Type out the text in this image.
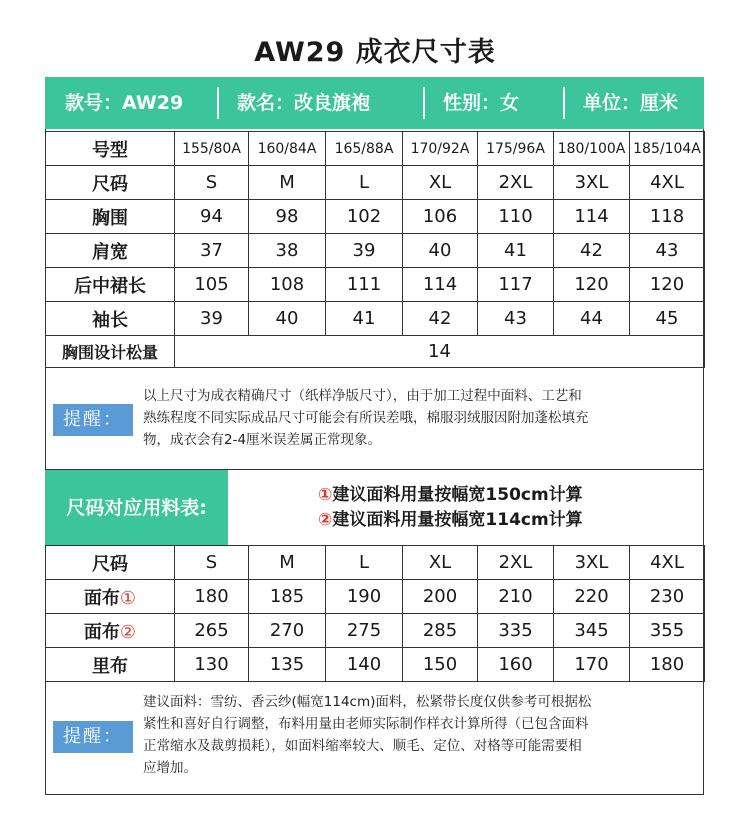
AW29 成衣尺寸表
款号：AW29	款名：改良旗袍	性别：女	单位：厘米
号型	155/80A	160/84A	165/88A	170/92A	175/96A	180/100A	185/104A
尺码	S	M	L	XL	2XL	3XL	4XL
胸围	94	98	102	106	110	114	118
肩宽	37	38	39	40	41	42	43
后中裙长	105	108	111	114	117	120	120
袖长	39	40	41	42	43	44	45
胸围设计松量	14						
提醒：
以上尺寸为成衣精确尺寸（纸样净版尺寸），由于加工过程中面料、工艺和
熟练程度不同实际成品尺寸可能会有所误差哦，棉服羽绒服因附加蓬松填充
物，成衣会有2-4厘米误差属正常现象。
尺码对应用料表:
①建议面料用量按幅宽150cm计算
②建议面料用量按幅宽114cm计算
尺码	S	M	L	XL	2XL	3XL	4XL
面布①	180	185	190	200	210	220	230
面布②	265	270	275	285	335	345	355
里布	130	135	140	150	160	170	180
提醒：
建议面料：雪纺、香云纱(幅宽114cm)面料，松紧带长度仅供参考可根据松
紧性和喜好自行调整，布料用量由老师实际制作样衣计算所得（已包含面料
正常缩水及裁剪损耗），如面料缩率较大、顺毛、定位、对格等可能需要相
应增加。
